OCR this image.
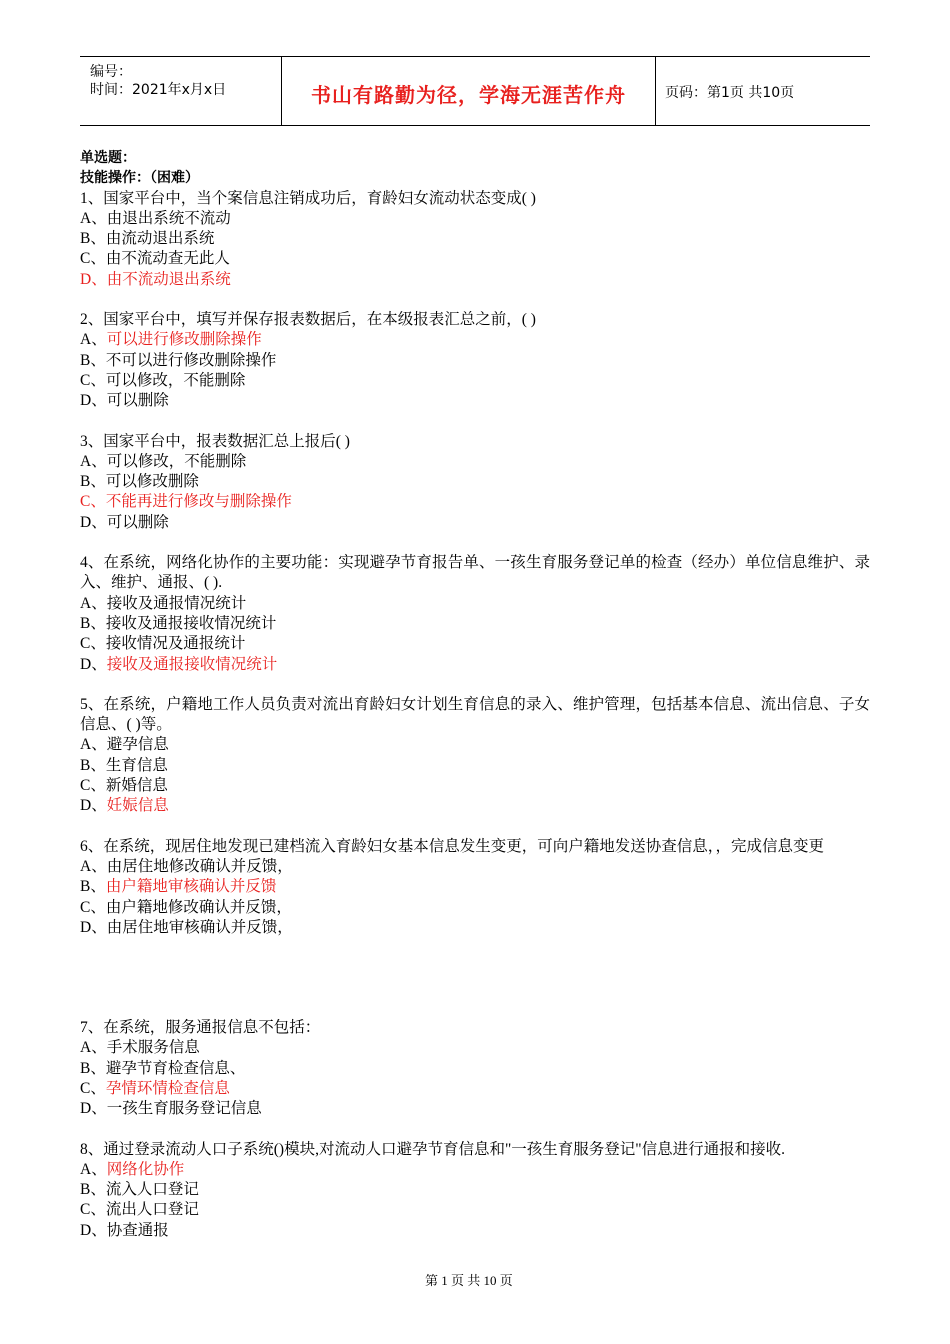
编号：
时间：2021年x月x日	书山有路勤为径，学海无涯苦作舟	页码：第1页 共10页
单选题：
技能操作：（困难）
1、国家平台中，当个案信息注销成功后，育龄妇女流动状态变成( )
A、由退出系统不流动
B、由流动退出系统
C、由不流动查无此人
D、由不流动退出系统
2、国家平台中，填写并保存报表数据后，在本级报表汇总之前，( )
A、可以进行修改删除操作
B、不可以进行修改删除操作
C、可以修改，不能删除
D、可以删除
3、国家平台中，报表数据汇总上报后( )
A、可以修改，不能删除
B、可以修改删除
C、不能再进行修改与删除操作
D、可以删除
4、在系统，网络化协作的主要功能：实现避孕节育报告单、一孩生育服务登记单的检查（经办）单位信息维护、录入、维护、通报、( ).
A、接收及通报情况统计
B、接收及通报接收情况统计
C、接收情况及通报统计
D、接收及通报接收情况统计
5、在系统，户籍地工作人员负责对流出育龄妇女计划生育信息的录入、维护管理，包括基本信息、流出信息、子女信息、( )等。
A、避孕信息
B、生育信息
C、新婚信息
D、妊娠信息
6、在系统，现居住地发现已建档流入育龄妇女基本信息发生变更，可向户籍地发送协查信息，，完成信息变更
A、由居住地修改确认并反馈，
B、由户籍地审核确认并反馈
C、由户籍地修改确认并反馈，
D、由居住地审核确认并反馈，
7、在系统，服务通报信息不包括：
A、手术服务信息
B、避孕节育检查信息、
C、孕情环情检查信息
D、一孩生育服务登记信息
8、通过登录流动人口子系统()模块,对流动人口避孕节育信息和"一孩生育服务登记"信息进行通报和接收.
A、网络化协作
B、流入人口登记
C、流出人口登记
D、协查通报
第 1 页 共 10 页
